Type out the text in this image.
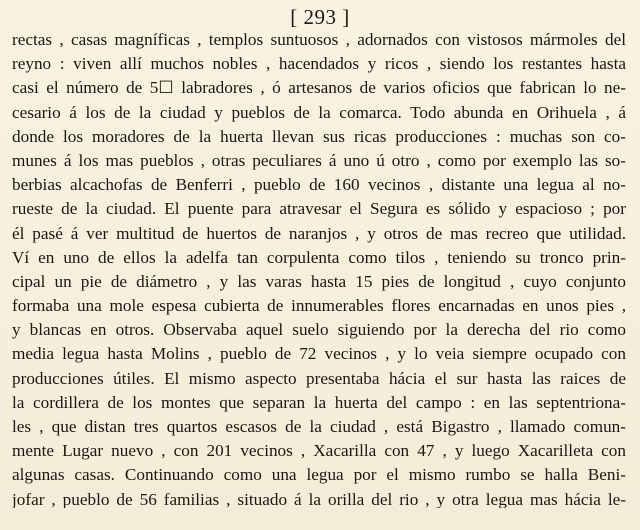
[ 293 ]
rectas , casas magníficas , templos suntuosos , adornados con vistosos mármoles del
reyno : viven allí muchos nobles , hacendados y ricos , siendo los restantes hasta
casi el número de 5☐ labradores , ó artesanos de varios oficios que fabrican lo ne-
cesario á los de la ciudad y pueblos de la comarca. Todo abunda en Orihuela , á
donde los moradores de la huerta llevan sus ricas producciones : muchas son co-
munes á los mas pueblos , otras peculiares á uno ú otro , como por exemplo las so-
berbias alcachofas de Benferri , pueblo de 160 vecinos , distante una legua al no-
rueste de la ciudad. El puente para atravesar el Segura es sólido y espacioso ; por
él pasé á ver multitud de huertos de naranjos , y otros de mas recreo que utilidad.
Ví en uno de ellos la adelfa tan corpulenta como tilos , teniendo su tronco prin-
cipal un pie de diámetro , y las varas hasta 15 pies de longitud , cuyo conjunto
formaba una mole espesa cubierta de innumerables flores encarnadas en unos pies ,
y blancas en otros. Observaba aquel suelo siguiendo por la derecha del rio como
media legua hasta Molins , pueblo de 72 vecinos , y lo veia siempre ocupado con
producciones útiles. El mismo aspecto presentaba hácia el sur hasta las raices de
la cordillera de los montes que separan la huerta del campo : en las septentriona-
les , que distan tres quartos escasos de la ciudad , está Bigastro , llamado comun-
mente Lugar nuevo , con 201 vecinos , Xacarilla con 47 , y luego Xacarilleta con
algunas casas. Continuando como una legua por el mismo rumbo se halla Beni-
jofar , pueblo de 56 familias , situado á la orilla del rio , y otra legua mas hácia le-
